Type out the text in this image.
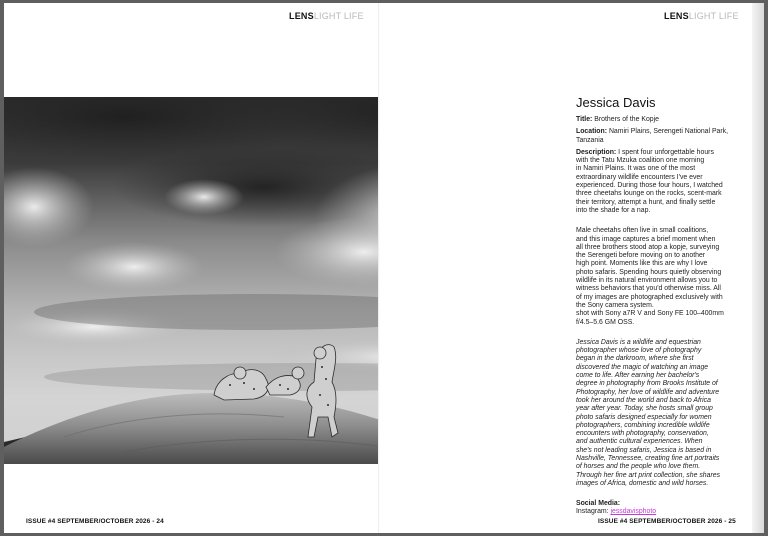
LENSLIGHT LIFE
ISSUE #4 SEPTEMBER/OCTOBER 2026 - 24
LENSLIGHT LIFE
Jessica Davis

Title: Brothers of the Kopje

Location: Namiri Plains, Serengeti National Park, Tanzania

Description: I spent four unforgettable hours
with the Tatu Mzuka coalition one morning
in Namiri Plains. It was one of the most
extraordinary wildlife encounters I've ever
experienced. During those four hours, I watched
three cheetahs lounge on the rocks, scent-mark
their territory, attempt a hunt, and finally settle
into the shade for a nap.

Male cheetahs often live in small coalitions,
and this image captures a brief moment when
all three brothers stood atop a kopje, surveying
the Serengeti before moving on to another
high point. Moments like this are why I love
photo safaris. Spending hours quietly observing
wildlife in its natural environment allows you to
witness behaviors that you'd otherwise miss. All
of my images are photographed exclusively with
the Sony camera system.
shot with Sony a7R V and Sony FE 100–400mm
f/4.5–5.6 GM OSS.

Jessica Davis is a wildlife and equestrian
photographer whose love of photography
began in the darkroom, where she first
discovered the magic of watching an image
come to life. After earning her bachelor's
degree in photography from Brooks Institute of
Photography, her love of wildlife and adventure
took her around the world and back to Africa
year after year. Today, she hosts small group
photo safaris designed especially for women
photographers, combining incredible wildlife
encounters with photography, conservation,
and authentic cultural experiences. When
she's not leading safaris, Jessica is based in
Nashville, Tennessee, creating fine art portraits
of horses and the people who love them.
Through her fine art print collection, she shares
images of Africa, domestic and wild horses.

Social Media:
Instagram: jessdavisphoto

ISSUE #4 SEPTEMBER/OCTOBER 2026 - 25
